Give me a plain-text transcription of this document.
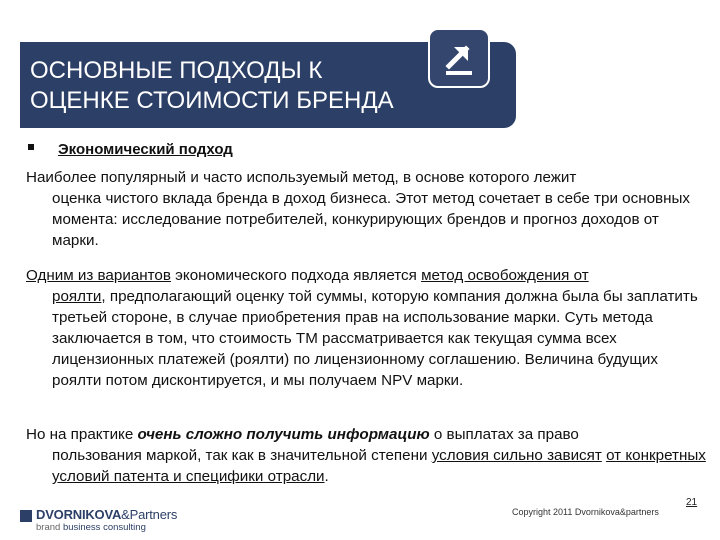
ОСНОВНЫЕ ПОДХОДЫ К
ОЦЕНКЕ СТОИМОСТИ БРЕНДА
Экономический подход

Наиболее популярный и часто используемый метод, в основе которого лежит
оценка чистого вклада бренда в доход бизнеса. Этот метод сочетает в себе три основных момента: исследование потребителей, конкурирующих брендов и прогноз доходов от марки.

Одним из вариантов экономического подхода является метод освобождения от
роялти, предполагающий оценку той суммы, которую компания должна была бы заплатить третьей стороне, в случае приобретения прав на использование марки. Суть метода заключается в том, что стоимость ТМ рассматривается как текущая сумма всех лицензионных платежей (роялти) по лицензионному соглашению. Величина будущих роялти потом дисконтируется, и мы получаем NPV марки.

Но на практике очень сложно получить информацию о выплатах за право
пользования маркой, так как в значительной степени условия сильно зависят от конкретных условий патента и специфики отрасли.

DVORNIKOVA&Partners
brand business consulting
Copyright 2011 Dvornikova&partners
21
